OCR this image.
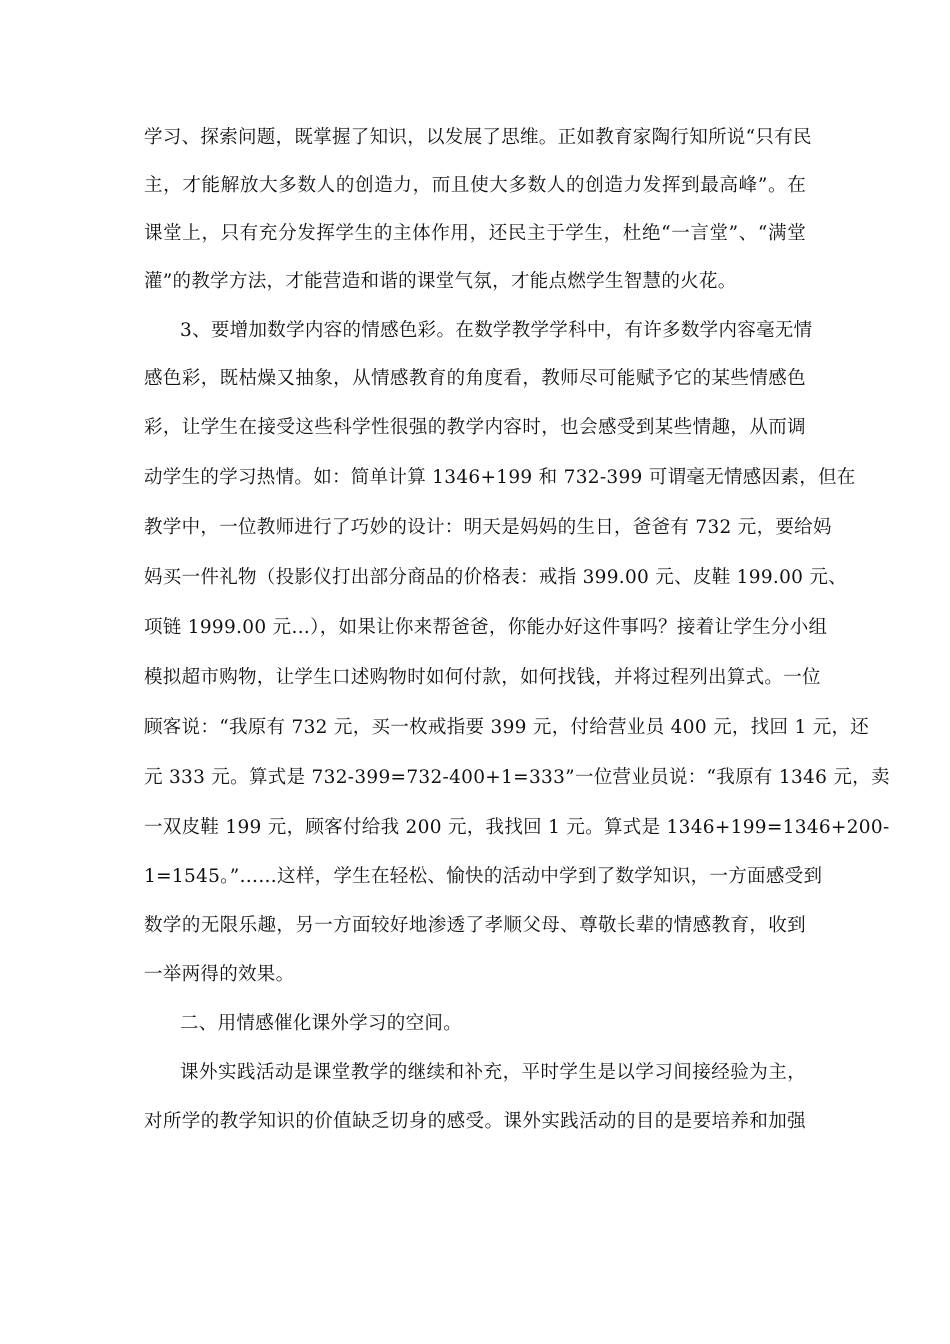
学习、探索问题，既掌握了知识，以发展了思维。正如教育家陶行知所说“只有民
主，才能解放大多数人的创造力，而且使大多数人的创造力发挥到最高峰”。在
课堂上，只有充分发挥学生的主体作用，还民主于学生，杜绝“一言堂”、“满堂
灌”的教学方法，才能营造和谐的课堂气氛，才能点燃学生智慧的火花。
3、要增加数学内容的情感色彩。在数学教学学科中，有许多数学内容毫无情
感色彩，既枯燥又抽象，从情感教育的角度看，教师尽可能赋予它的某些情感色
彩，让学生在接受这些科学性很强的教学内容时，也会感受到某些情趣，从而调
动学生的学习热情。如：简单计算 1346+199 和 732-399 可谓毫无情感因素，但在
教学中，一位教师进行了巧妙的设计：明天是妈妈的生日，爸爸有 732 元，要给妈
妈买一件礼物（投影仪打出部分商品的价格表：戒指 399.00 元、皮鞋 199.00 元、
项链 1999.00 元…），如果让你来帮爸爸，你能办好这件事吗？接着让学生分小组
模拟超市购物，让学生口述购物时如何付款，如何找钱，并将过程列出算式。一位
顾客说：“我原有 732 元，买一枚戒指要 399 元，付给营业员 400 元，找回 1 元，还
元 333 元。算式是 732-399=732-400+1=333”一位营业员说：“我原有 1346 元，卖
一双皮鞋 199 元，顾客付给我 200 元，我找回 1 元。算式是 1346+199=1346+200-
1=1545。”……这样，学生在轻松、愉快的活动中学到了数学知识，一方面感受到
数学的无限乐趣，另一方面较好地渗透了孝顺父母、尊敬长辈的情感教育，收到
一举两得的效果。
二、用情感催化课外学习的空间。
课外实践活动是课堂教学的继续和补充，平时学生是以学习间接经验为主，
对所学的教学知识的价值缺乏切身的感受。课外实践活动的目的是要培养和加强
